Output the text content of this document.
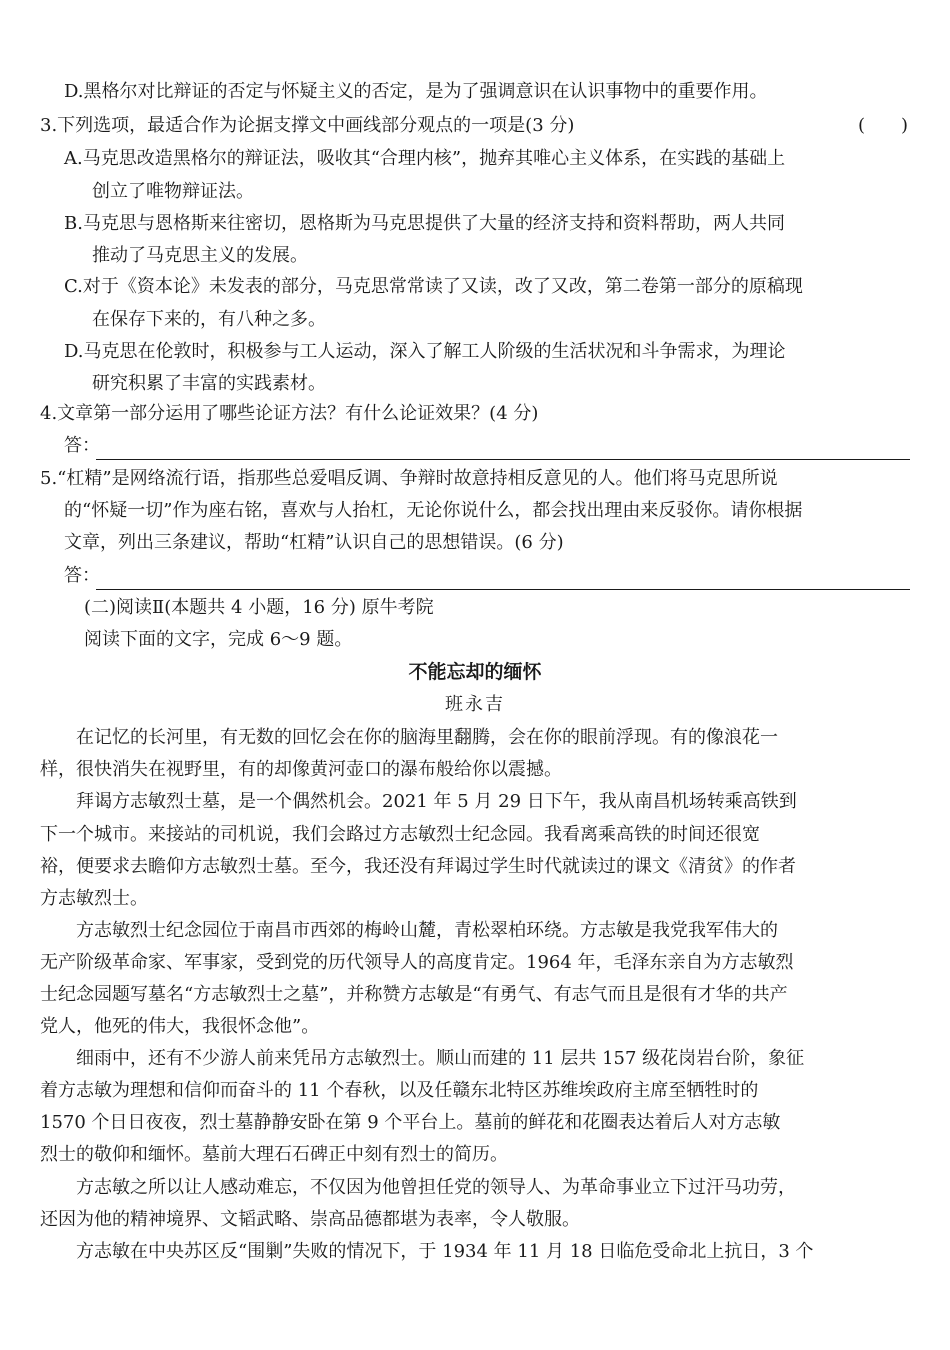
D.黑格尔对比辩证的否定与怀疑主义的否定，是为了强调意识在认识事物中的重要作用。
3.下列选项，最适合作为论据支撑文中画线部分观点的一项是(3 分)	(　　)
A.马克思改造黑格尔的辩证法，吸收其“合理内核”，抛弃其唯心主义体系，在实践的基础上
创立了唯物辩证法。
B.马克思与恩格斯来往密切，恩格斯为马克思提供了大量的经济支持和资料帮助，两人共同
推动了马克思主义的发展。
C.对于《资本论》未发表的部分，马克思常常读了又读，改了又改，第二卷第一部分的原稿现
在保存下来的，有八种之多。
D.马克思在伦敦时，积极参与工人运动，深入了解工人阶级的生活状况和斗争需求，为理论
研究积累了丰富的实践素材。
4.文章第一部分运用了哪些论证方法？有什么论证效果？(4 分)
答：
5.“杠精”是网络流行语，指那些总爱唱反调、争辩时故意持相反意见的人。他们将马克思所说
的“怀疑一切”作为座右铭，喜欢与人抬杠，无论你说什么，都会找出理由来反驳你。请你根据
文章，列出三条建议，帮助“杠精”认识自己的思想错误。(6 分)
答：
(二)阅读Ⅱ(本题共 4 小题，16 分) 原牛考院
阅读下面的文字，完成 6～9 题。
不能忘却的缅怀
班永吉
　　在记忆的长河里，有无数的回忆会在你的脑海里翻腾，会在你的眼前浮现。有的像浪花一
样，很快消失在视野里，有的却像黄河壶口的瀑布般给你以震撼。
　　拜谒方志敏烈士墓，是一个偶然机会。2021 年 5 月 29 日下午，我从南昌机场转乘高铁到
下一个城市。来接站的司机说，我们会路过方志敏烈士纪念园。我看离乘高铁的时间还很宽
裕，便要求去瞻仰方志敏烈士墓。至今，我还没有拜谒过学生时代就读过的课文《清贫》的作者
方志敏烈士。
　　方志敏烈士纪念园位于南昌市西郊的梅岭山麓，青松翠柏环绕。方志敏是我党我军伟大的
无产阶级革命家、军事家，受到党的历代领导人的高度肯定。1964 年，毛泽东亲自为方志敏烈
士纪念园题写墓名“方志敏烈士之墓”，并称赞方志敏是“有勇气、有志气而且是很有才华的共产
党人，他死的伟大，我很怀念他”。
　　细雨中，还有不少游人前来凭吊方志敏烈士。顺山而建的 11 层共 157 级花岗岩台阶，象征
着方志敏为理想和信仰而奋斗的 11 个春秋，以及任赣东北特区苏维埃政府主席至牺牲时的
1570 个日日夜夜，烈士墓静静安卧在第 9 个平台上。墓前的鲜花和花圈表达着后人对方志敏
烈士的敬仰和缅怀。墓前大理石石碑正中刻有烈士的简历。
　　方志敏之所以让人感动难忘，不仅因为他曾担任党的领导人、为革命事业立下过汗马功劳，
还因为他的精神境界、文韬武略、崇高品德都堪为表率，令人敬服。
　　方志敏在中央苏区反“围剿”失败的情况下，于 1934 年 11 月 18 日临危受命北上抗日，3 个
